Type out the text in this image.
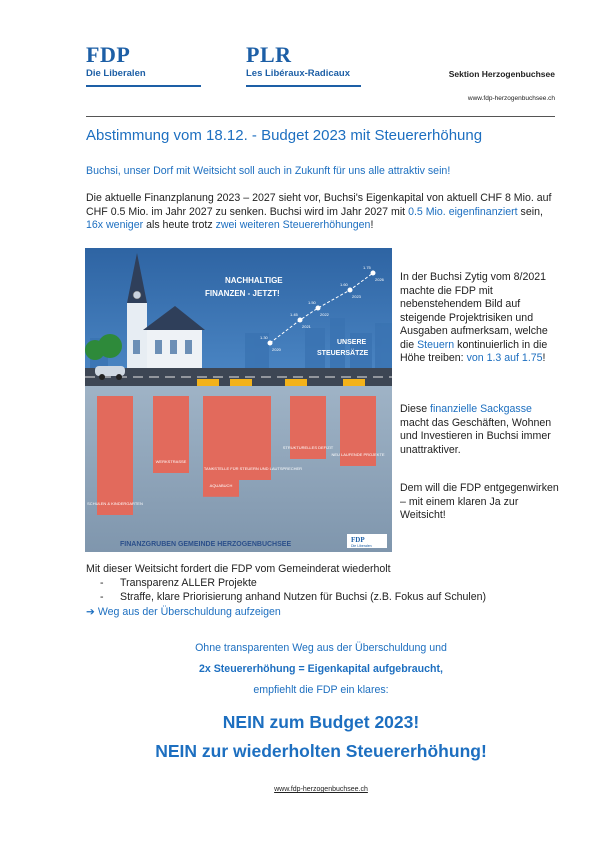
FDP
Die Liberalen
PLR
Les Libéraux-Radicaux	Sektion Herzogenbuchsee
www.fdp-herzogenbuchsee.ch
Abstimmung vom 18.12. - Budget 2023 mit Steuererhöhung
Buchsi, unser Dorf mit Weitsicht soll auch in Zukunft für uns alle attraktiv sein!
Die aktuelle Finanzplanung 2023 – 2027 sieht vor, Buchsi's Eigenkapital von aktuell CHF 8 Mio. auf CHF 0.5 Mio. im Jahr 2027 zu senken. Buchsi wird im Jahr 2027 mit 0.5 Mio. eigenfinanziert sein, 16x weniger als heute trotz zwei weiteren Steuererhöhungen!
SCHULEN & KINDERGARTEN
WERKSTRASSE
AQUABUCH
TANKSTELLE FÜR STEUERN UND LAUTSPRECHER
STRUKTURELLES DEFIZIT
NEU LAUFENDE PROJEKTE
1.30
2020
1.45
2021
1.50
2022
1.60
2023
1.75
2026
NACHHALTIGE
FINANZEN - JETZT!
UNSERE
STEUERSÄTZE
FINANZGRUBEN GEMEINDE HERZOGENBUCHSEE
FDP
Die Liberalen
In der Buchsi Zytig vom 8/2021 machte die FDP mit nebenstehendem Bild auf steigende Projektrisiken und Ausgaben aufmerksam, welche die Steuern kontinuierlich in die Höhe treiben: von 1.3 auf 1.75!
Diese finanzielle Sackgasse macht das Geschäften, Wohnen und Investieren in Buchsi immer unattraktiver.
Dem will die FDP entgegenwirken – mit einem klaren Ja zur Weitsicht!
Mit dieser Weitsicht fordert die FDP vom Gemeinderat wiederholt
- Transparenz ALLER Projekte
- Straffe, klare Priorisierung anhand Nutzen für Buchsi (z.B. Fokus auf Schulen)
➔ Weg aus der Überschuldung aufzeigen
Ohne transparenten Weg aus der Überschuldung und
2x Steuererhöhung = Eigenkapital aufgebraucht,
empfiehlt die FDP ein klares:
NEIN zum Budget 2023!
NEIN zur wiederholten Steuererhöhung!
www.fdp-herzogenbuchsee.ch
